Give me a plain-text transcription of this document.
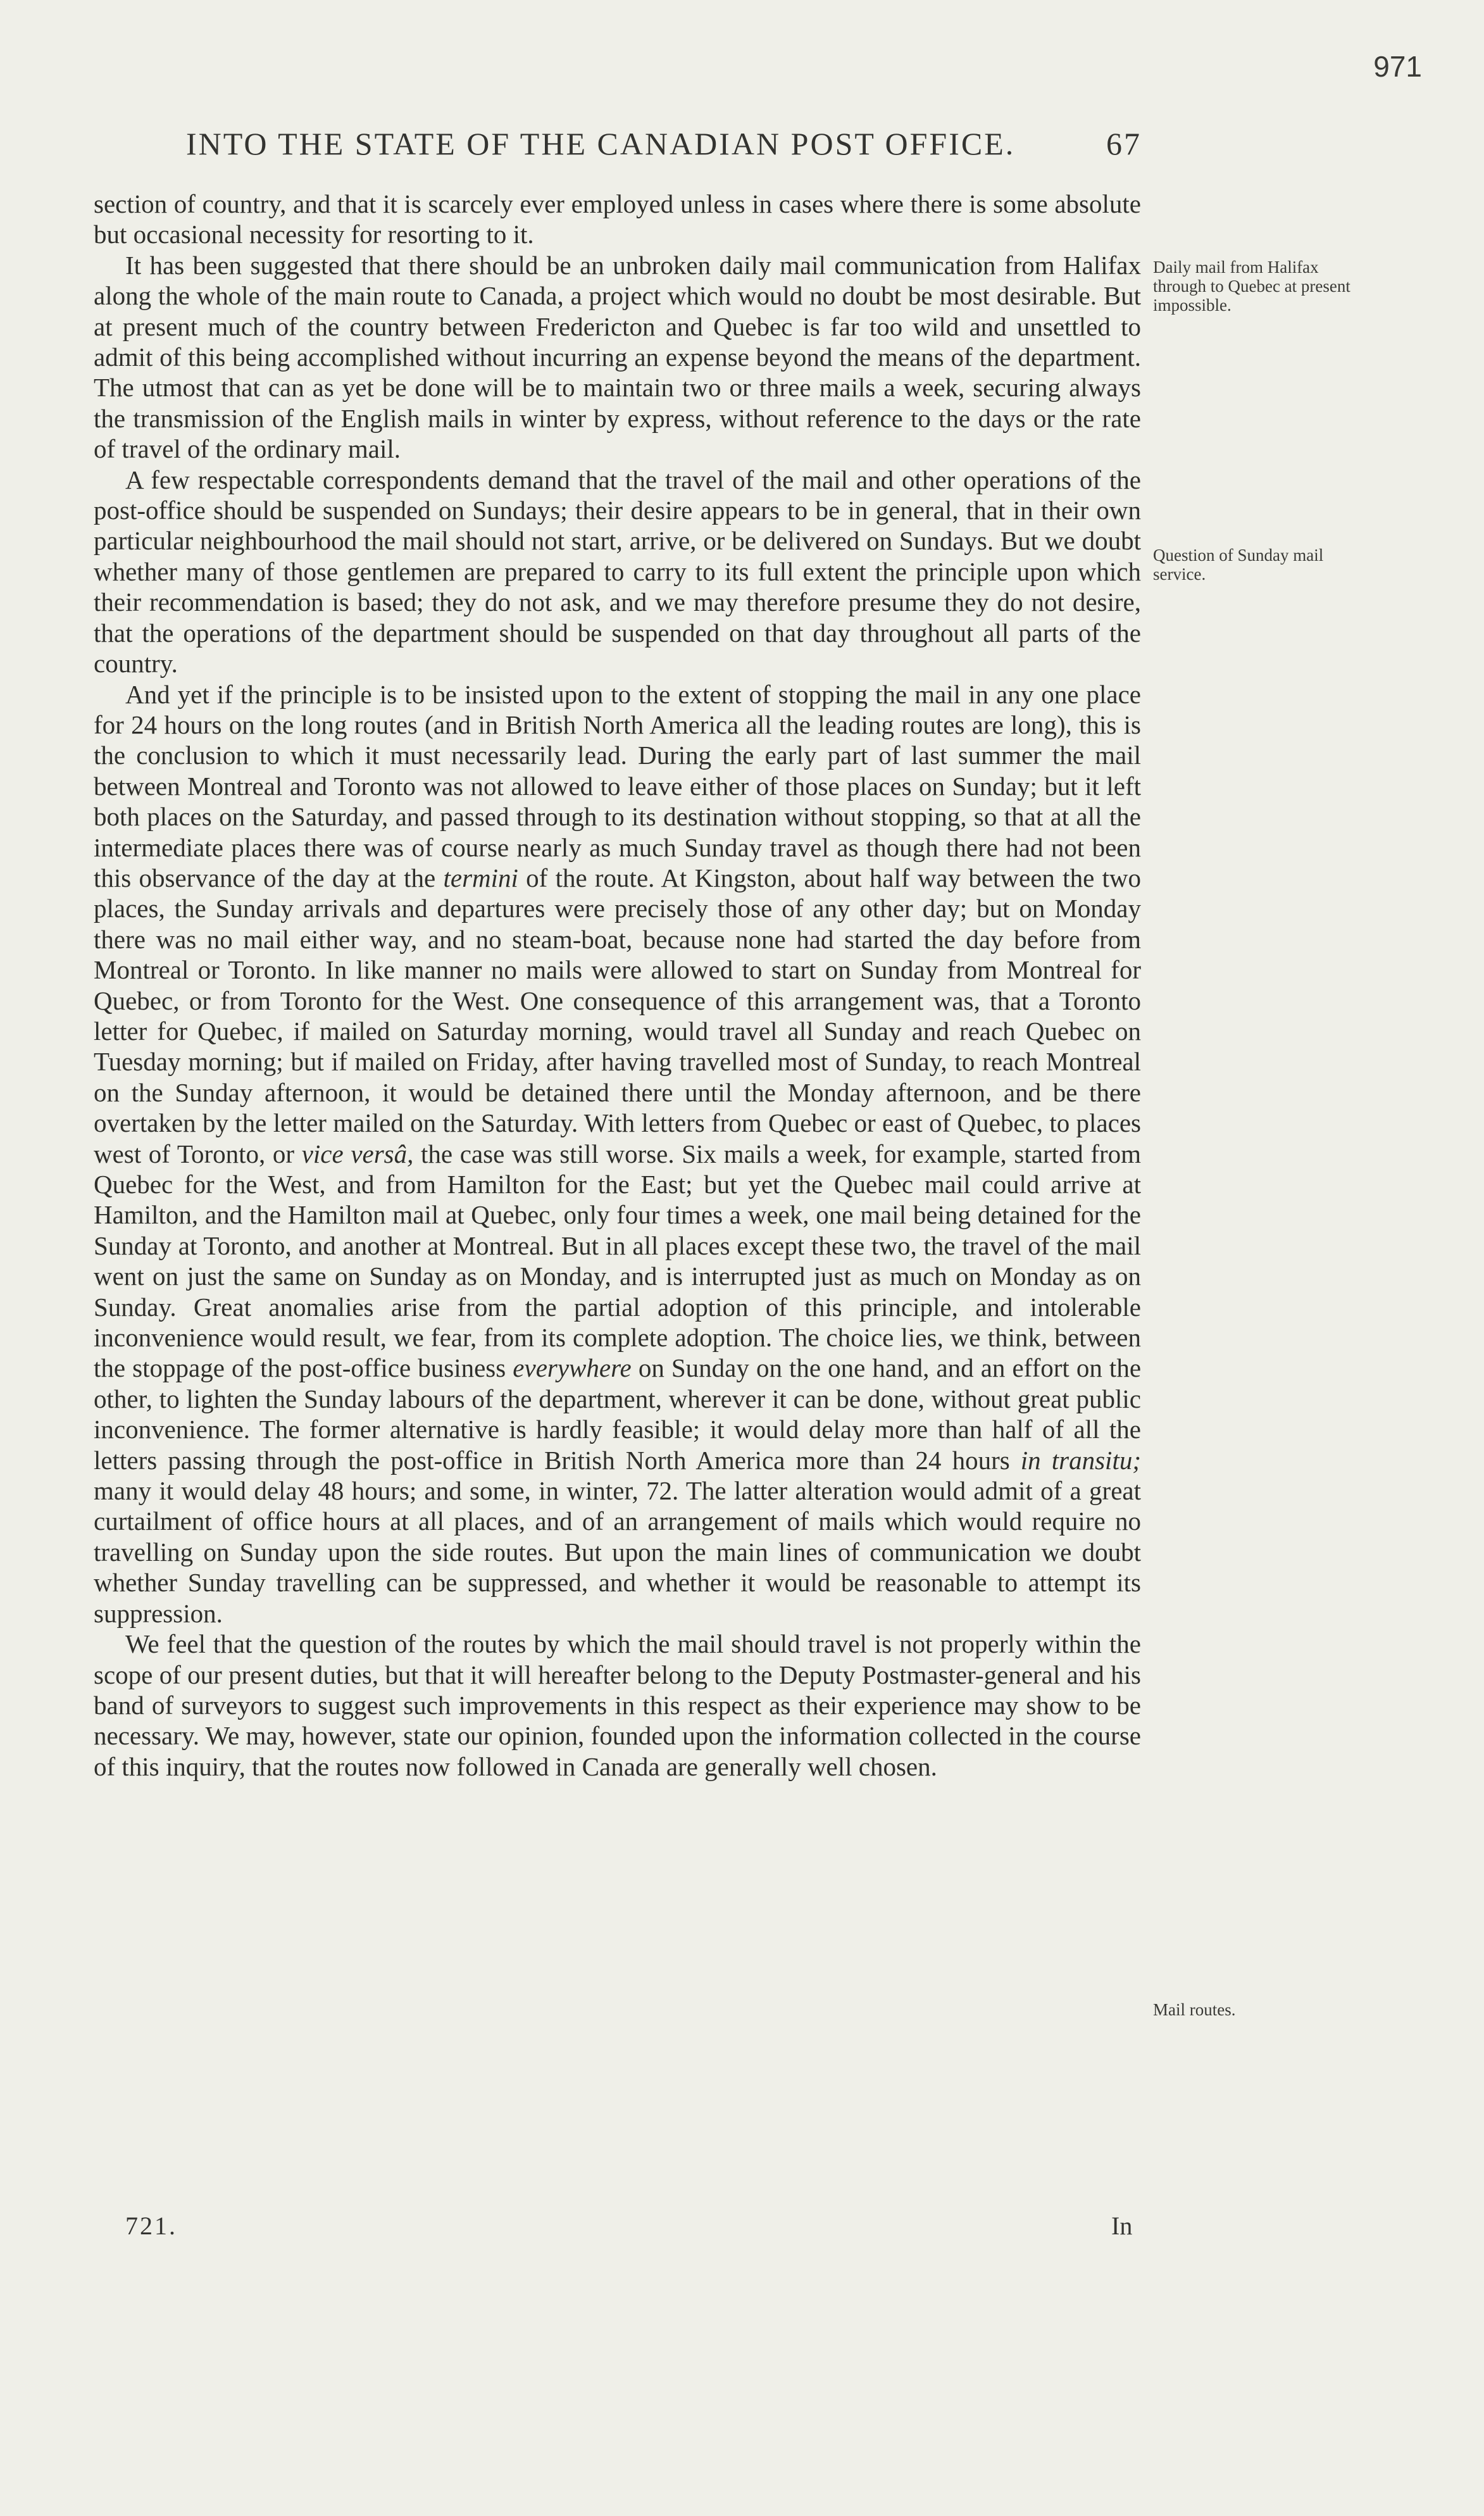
971
INTO THE STATE OF THE CANADIAN POST OFFICE.	67

section of country, and that it is scarcely ever employed unless in cases where there is some absolute but occasional necessity for resorting to it.

It has been suggested that there should be an unbroken daily mail communication from Halifax along the whole of the main route to Canada, a project which would no doubt be most desirable. But at present much of the country between Fredericton and Quebec is far too wild and unsettled to admit of this being accomplished without incurring an expense beyond the means of the department. The utmost that can as yet be done will be to maintain two or three mails a week, securing always the transmission of the English mails in winter by express, without reference to the days or the rate of travel of the ordinary mail.

A few respectable correspondents demand that the travel of the mail and other operations of the post-office should be suspended on Sundays; their desire appears to be in general, that in their own particular neighbourhood the mail should not start, arrive, or be delivered on Sundays. But we doubt whether many of those gentlemen are prepared to carry to its full extent the principle upon which their recommendation is based; they do not ask, and we may therefore presume they do not desire, that the operations of the department should be suspended on that day throughout all parts of the country.

And yet if the principle is to be insisted upon to the extent of stopping the mail in any one place for 24 hours on the long routes (and in British North America all the leading routes are long), this is the conclusion to which it must necessarily lead. During the early part of last summer the mail between Montreal and Toronto was not allowed to leave either of those places on Sunday; but it left both places on the Saturday, and passed through to its destination without stopping, so that at all the intermediate places there was of course nearly as much Sunday travel as though there had not been this observance of the day at the termini of the route. At Kingston, about half way between the two places, the Sunday arrivals and departures were precisely those of any other day; but on Monday there was no mail either way, and no steam-boat, because none had started the day before from Montreal or Toronto. In like manner no mails were allowed to start on Sunday from Montreal for Quebec, or from Toronto for the West. One consequence of this arrangement was, that a Toronto letter for Quebec, if mailed on Saturday morning, would travel all Sunday and reach Quebec on Tuesday morning; but if mailed on Friday, after having travelled most of Sunday, to reach Montreal on the Sunday afternoon, it would be detained there until the Monday afternoon, and be there overtaken by the letter mailed on the Saturday. With letters from Quebec or east of Quebec, to places west of Toronto, or vice versâ, the case was still worse. Six mails a week, for example, started from Quebec for the West, and from Hamilton for the East; but yet the Quebec mail could arrive at Hamilton, and the Hamilton mail at Quebec, only four times a week, one mail being detained for the Sunday at Toronto, and another at Montreal. But in all places except these two, the travel of the mail went on just the same on Sunday as on Monday, and is interrupted just as much on Monday as on Sunday. Great anomalies arise from the partial adoption of this principle, and intolerable inconvenience would result, we fear, from its complete adoption. The choice lies, we think, between the stoppage of the post-office business everywhere on Sunday on the one hand, and an effort on the other, to lighten the Sunday labours of the department, wherever it can be done, without great public inconvenience. The former alternative is hardly feasible; it would delay more than half of all the letters passing through the post-office in British North America more than 24 hours in transitu; many it would delay 48 hours; and some, in winter, 72. The latter alteration would admit of a great curtailment of office hours at all places, and of an arrangement of mails which would require no travelling on Sunday upon the side routes. But upon the main lines of communication we doubt whether Sunday travelling can be suppressed, and whether it would be reasonable to attempt its suppression.

We feel that the question of the routes by which the mail should travel is not properly within the scope of our present duties, but that it will hereafter belong to the Deputy Postmaster-general and his band of surveyors to suggest such improvements in this respect as their experience may show to be necessary. We may, however, state our opinion, founded upon the information collected in the course of this inquiry, that the routes now followed in Canada are generally well chosen.

Daily mail from Halifax through to Quebec at present impossible.
Question of Sunday mail service.
Mail routes.
721.	In
